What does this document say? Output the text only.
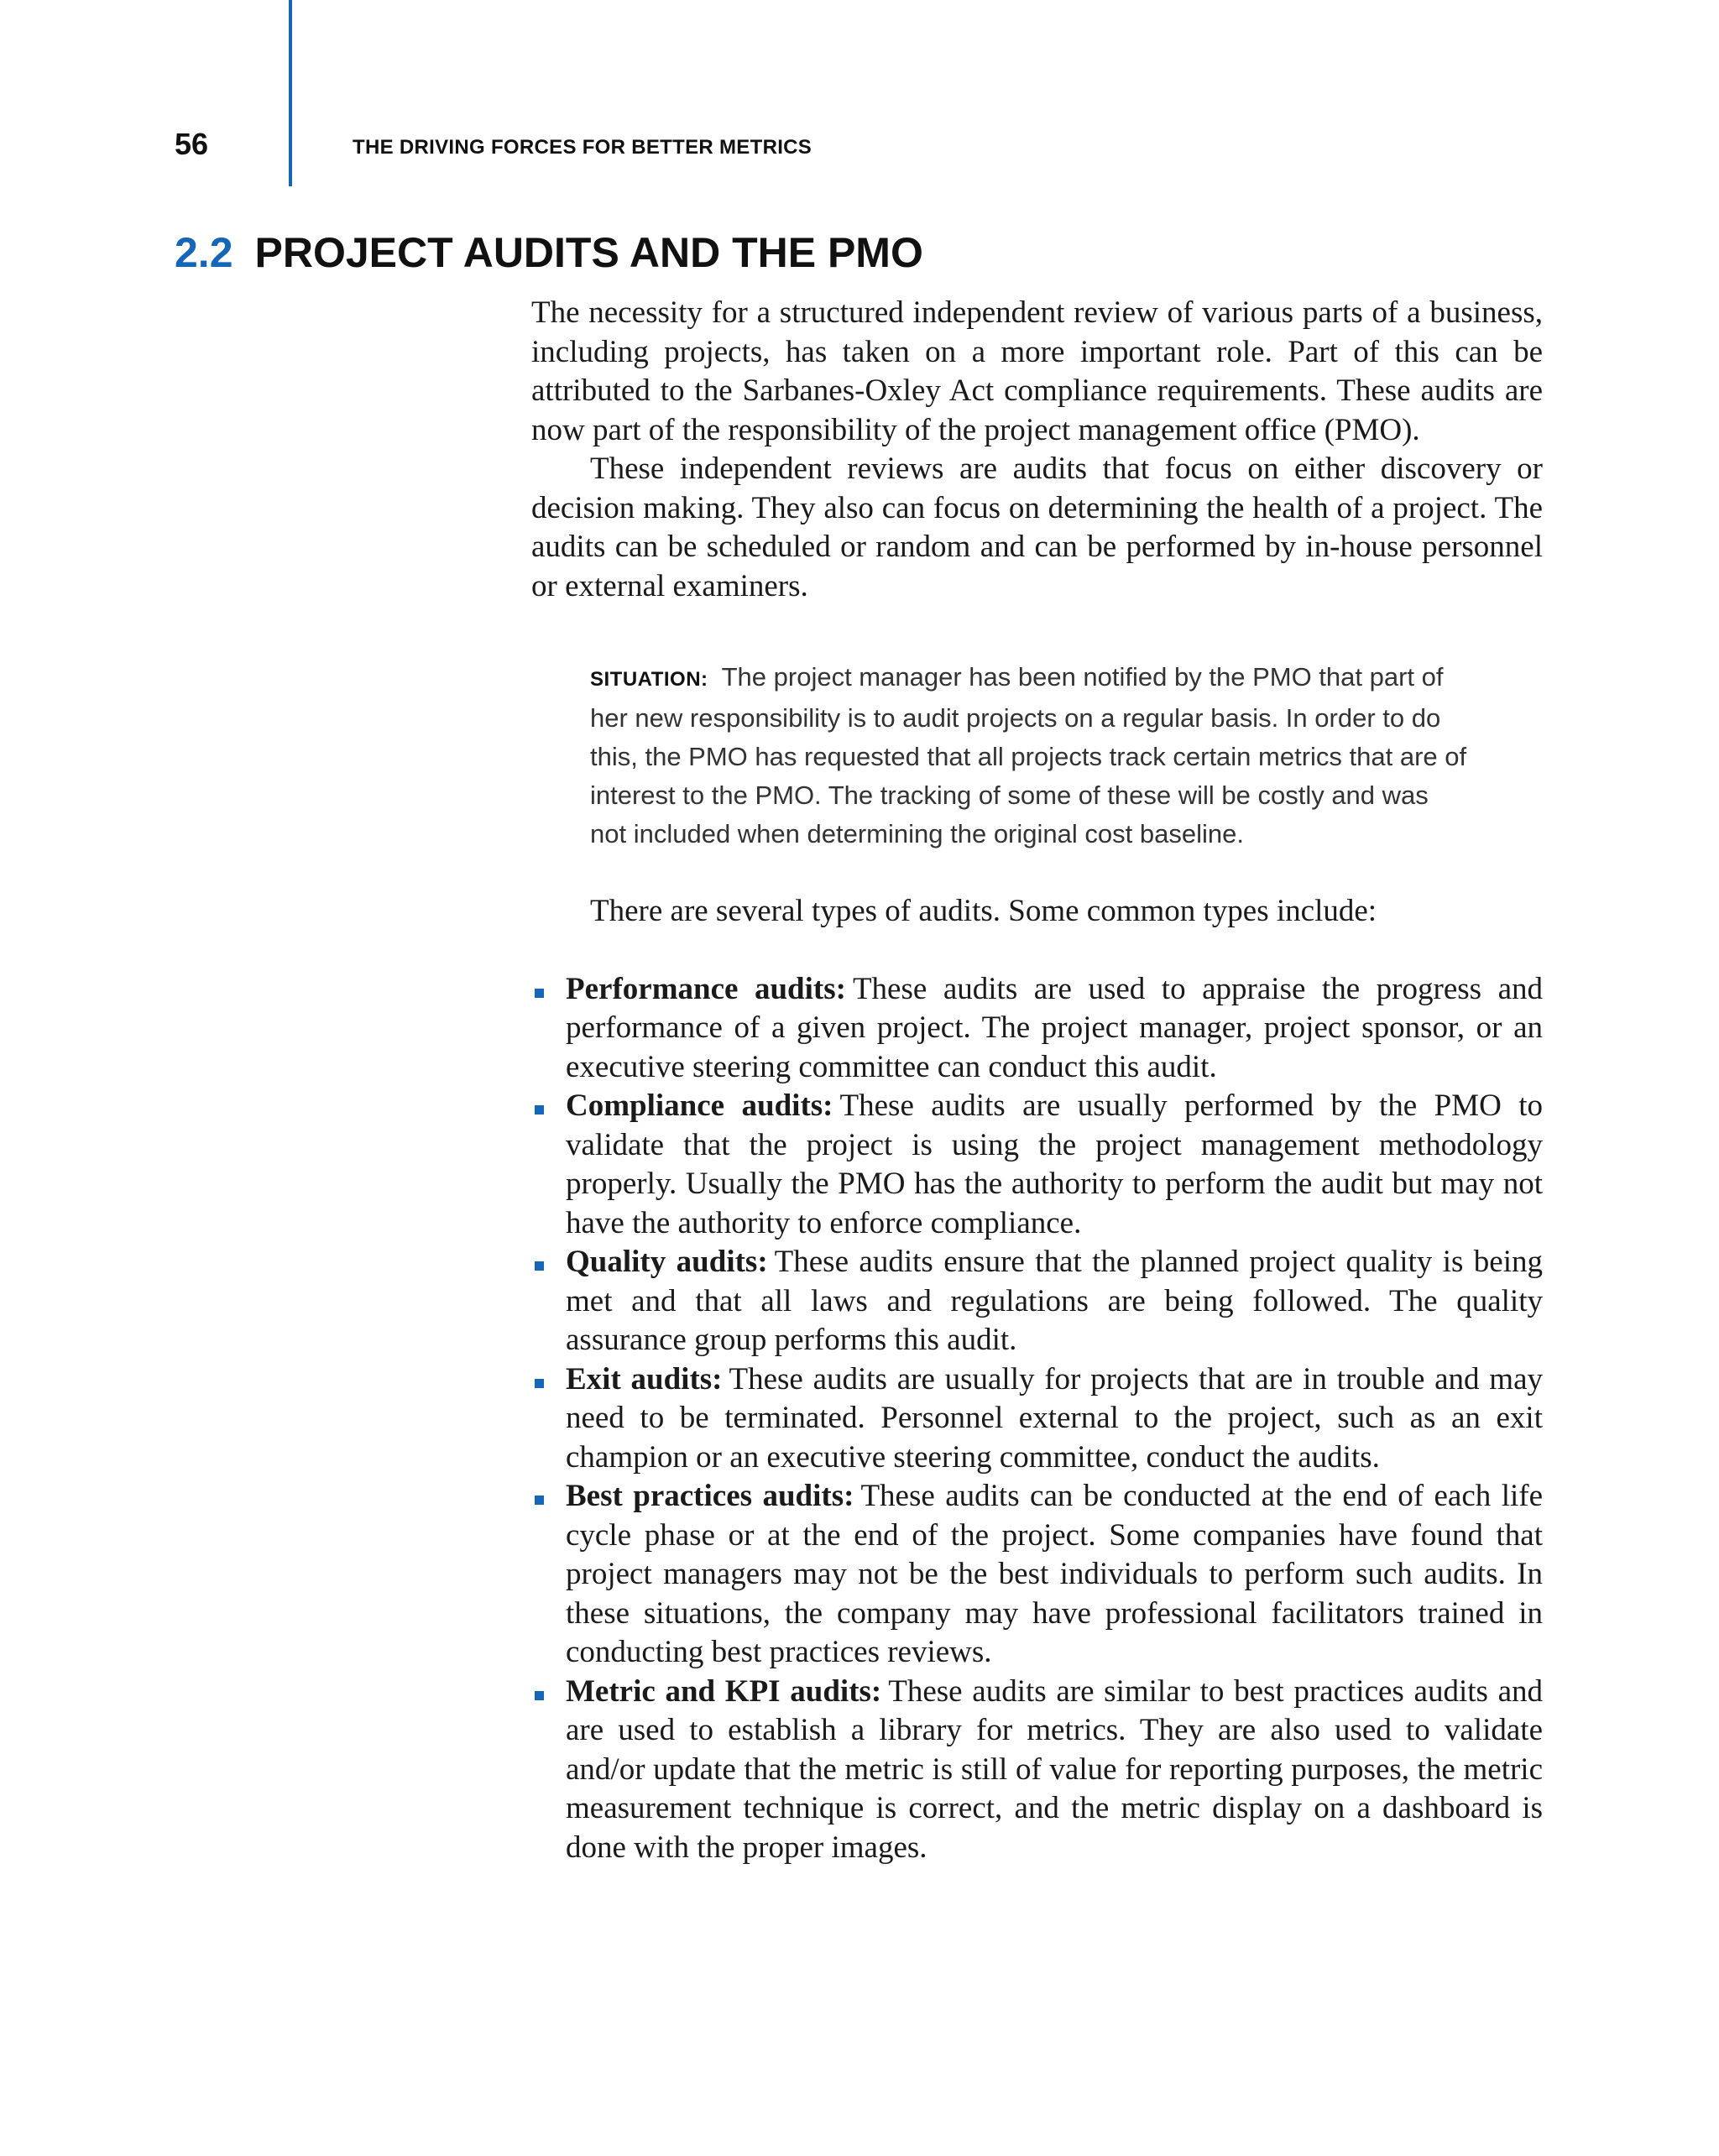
56	THE DRIVING FORCES FOR BETTER METRICS
2.2 PROJECT AUDITS AND THE PMO

The necessity for a structured independent review of various parts of a business, including projects, has taken on a more important role. Part of this can be attributed to the Sarbanes-Oxley Act compliance requirements. These audits are now part of the responsibility of the project management office (PMO).

These independent reviews are audits that focus on either discovery or decision making. They also can focus on determining the health of a project. The audits can be scheduled or random and can be performed by in-house personnel or external examiners.

SITUATION: The project manager has been notified by the PMO that part of her new responsibility is to audit projects on a regular basis. In order to do this, the PMO has requested that all projects track certain metrics that are of interest to the PMO. The tracking of some of these will be costly and was not included when determining the original cost baseline.

There are several types of audits. Some common types include:

Performance audits: These audits are used to appraise the progress and performance of a given project. The project manager, project sponsor, or an executive steering committee can conduct this audit.
Compliance audits: These audits are usually performed by the PMO to validate that the project is using the project management methodology properly. Usually the PMO has the authority to perform the audit but may not have the authority to enforce compliance.
Quality audits: These audits ensure that the planned project quality is being met and that all laws and regulations are being followed. The quality assurance group performs this audit.
Exit audits: These audits are usually for projects that are in trouble and may need to be terminated. Personnel external to the project, such as an exit champion or an executive steering committee, conduct the audits.
Best practices audits: These audits can be conducted at the end of each life cycle phase or at the end of the project. Some companies have found that project managers may not be the best individuals to perform such audits. In these situations, the company may have professional facilitators trained in conducting best practices reviews.
Metric and KPI audits: These audits are similar to best practices audits and are used to establish a library for metrics. They are also used to validate and/or update that the metric is still of value for reporting purposes, the metric measurement technique is correct, and the metric display on a dashboard is done with the proper images.
